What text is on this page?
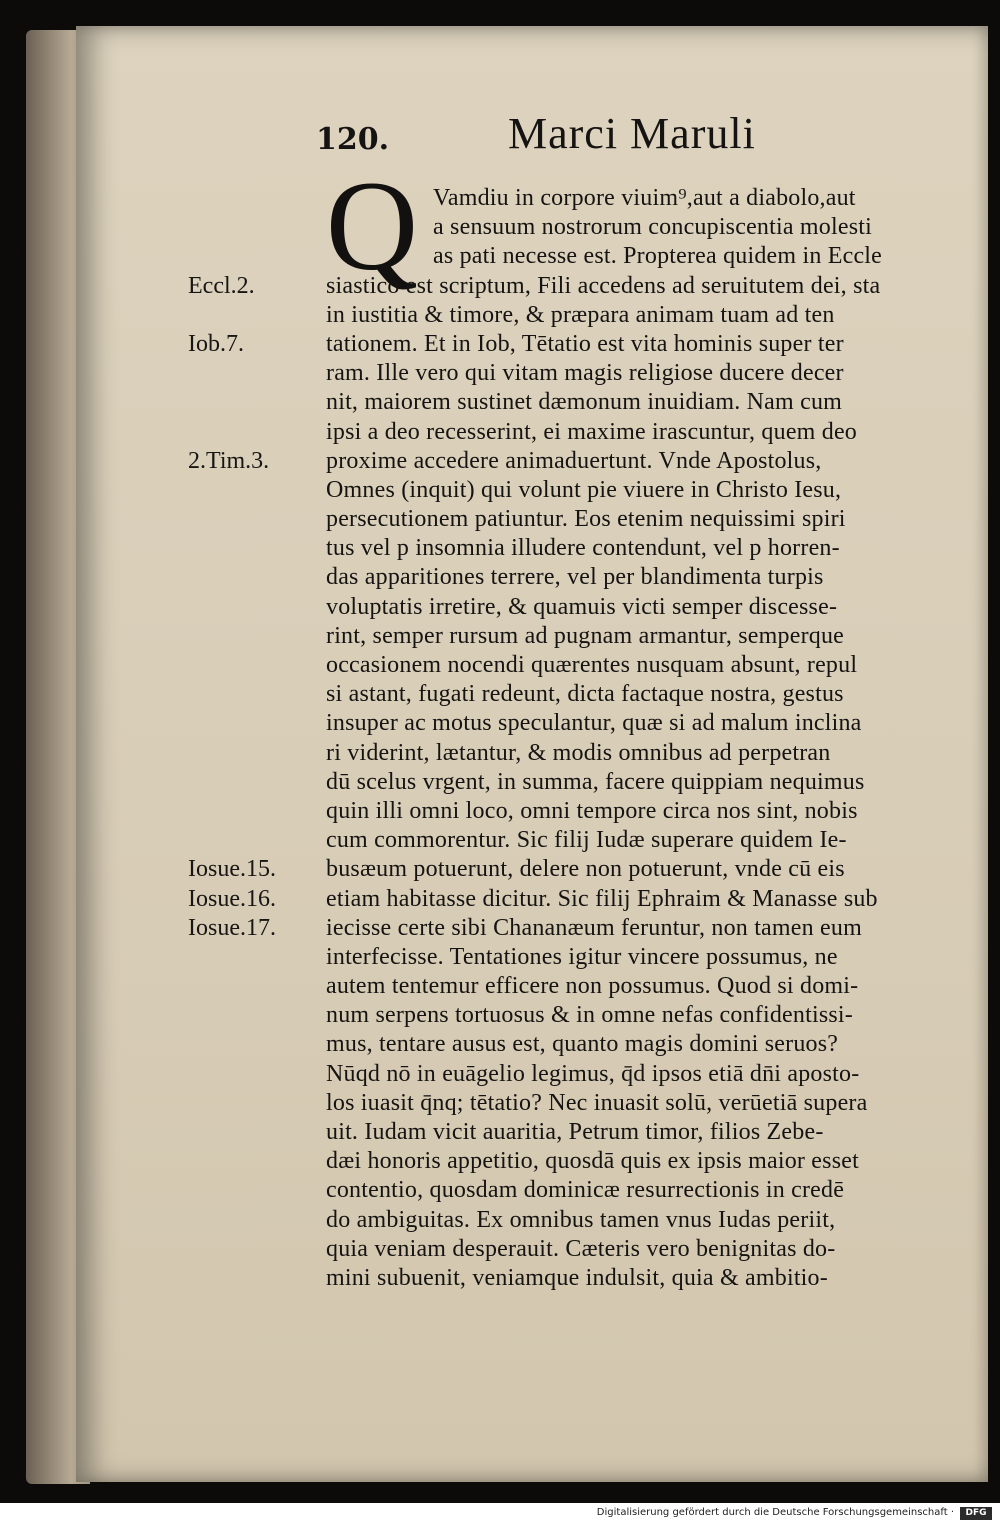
120.	Marci Maruli
Q Vamdiu in corpore viuim⁹,aut a diabolo,aut
a sensuum nostrorum concupiscentia molesti
as pati necesse est. Propterea quidem in Eccle
siastico est scriptum, Fili accedens ad seruitutem dei, sta
Eccl.2.
in iustitia & timore, & præpara animam tuam ad ten
tationem. Et in Iob, Tētatio est vita hominis super ter
Iob.7.
ram. Ille vero qui vitam magis religiose ducere decer
nit, maiorem sustinet dæmonum inuidiam. Nam cum
ipsi a deo recesserint, ei maxime irascuntur, quem deo
proxime accedere animaduertunt. Vnde Apostolus,
2.Tim.3.
Omnes (inquit) qui volunt pie viuere in Christo Iesu,
persecutionem patiuntur. Eos etenim nequissimi spiri
tus vel p insomnia illudere contendunt, vel p horren-
das apparitiones terrere, vel per blandimenta turpis
voluptatis irretire, & quamuis victi semper discesse-
rint, semper rursum ad pugnam armantur, semperque
occasionem nocendi quærentes nusquam absunt, repul
si astant, fugati redeunt, dicta factaque nostra, gestus
insuper ac motus speculantur, quæ si ad malum inclina
ri viderint, lætantur, & modis omnibus ad perpetran
dū scelus vrgent, in summa, facere quippiam nequimus
quin illi omni loco, omni tempore circa nos sint, nobis
cum commorentur. Sic filij Iudæ superare quidem Ie-
busæum potuerunt, delere non potuerunt, vnde cū eis
Iosue.15.
etiam habitasse dicitur. Sic filij Ephraim & Manasse sub
Iosue.16.
iecisse certe sibi Chananæum feruntur, non tamen eum
Iosue.17.
interfecisse. Tentationes igitur vincere possumus, ne
autem tentemur efficere non possumus. Quod si domi-
num serpens tortuosus & in omne nefas confidentissi-
mus, tentare ausus est, quanto magis domini seruos?
Nūqd nō in euāgelio legimus, q̄d ipsos etiā dn̄i aposto-
los iuasit q̄nq; tētatio? Nec inuasit solū, verūetiā supera
uit. Iudam vicit auaritia, Petrum timor, filios Zebe-
dæi honoris appetitio, quosdā quis ex ipsis maior esset
contentio, quosdam dominicæ resurrectionis in credē
do ambiguitas. Ex omnibus tamen vnus Iudas periit,
quia veniam desperauit. Cæteris vero benignitas do-
mini subuenit, veniamque indulsit, quia & ambitio-
Digitalisierung gefördert durch die Deutsche Forschungsgemeinschaft ·	DFG
